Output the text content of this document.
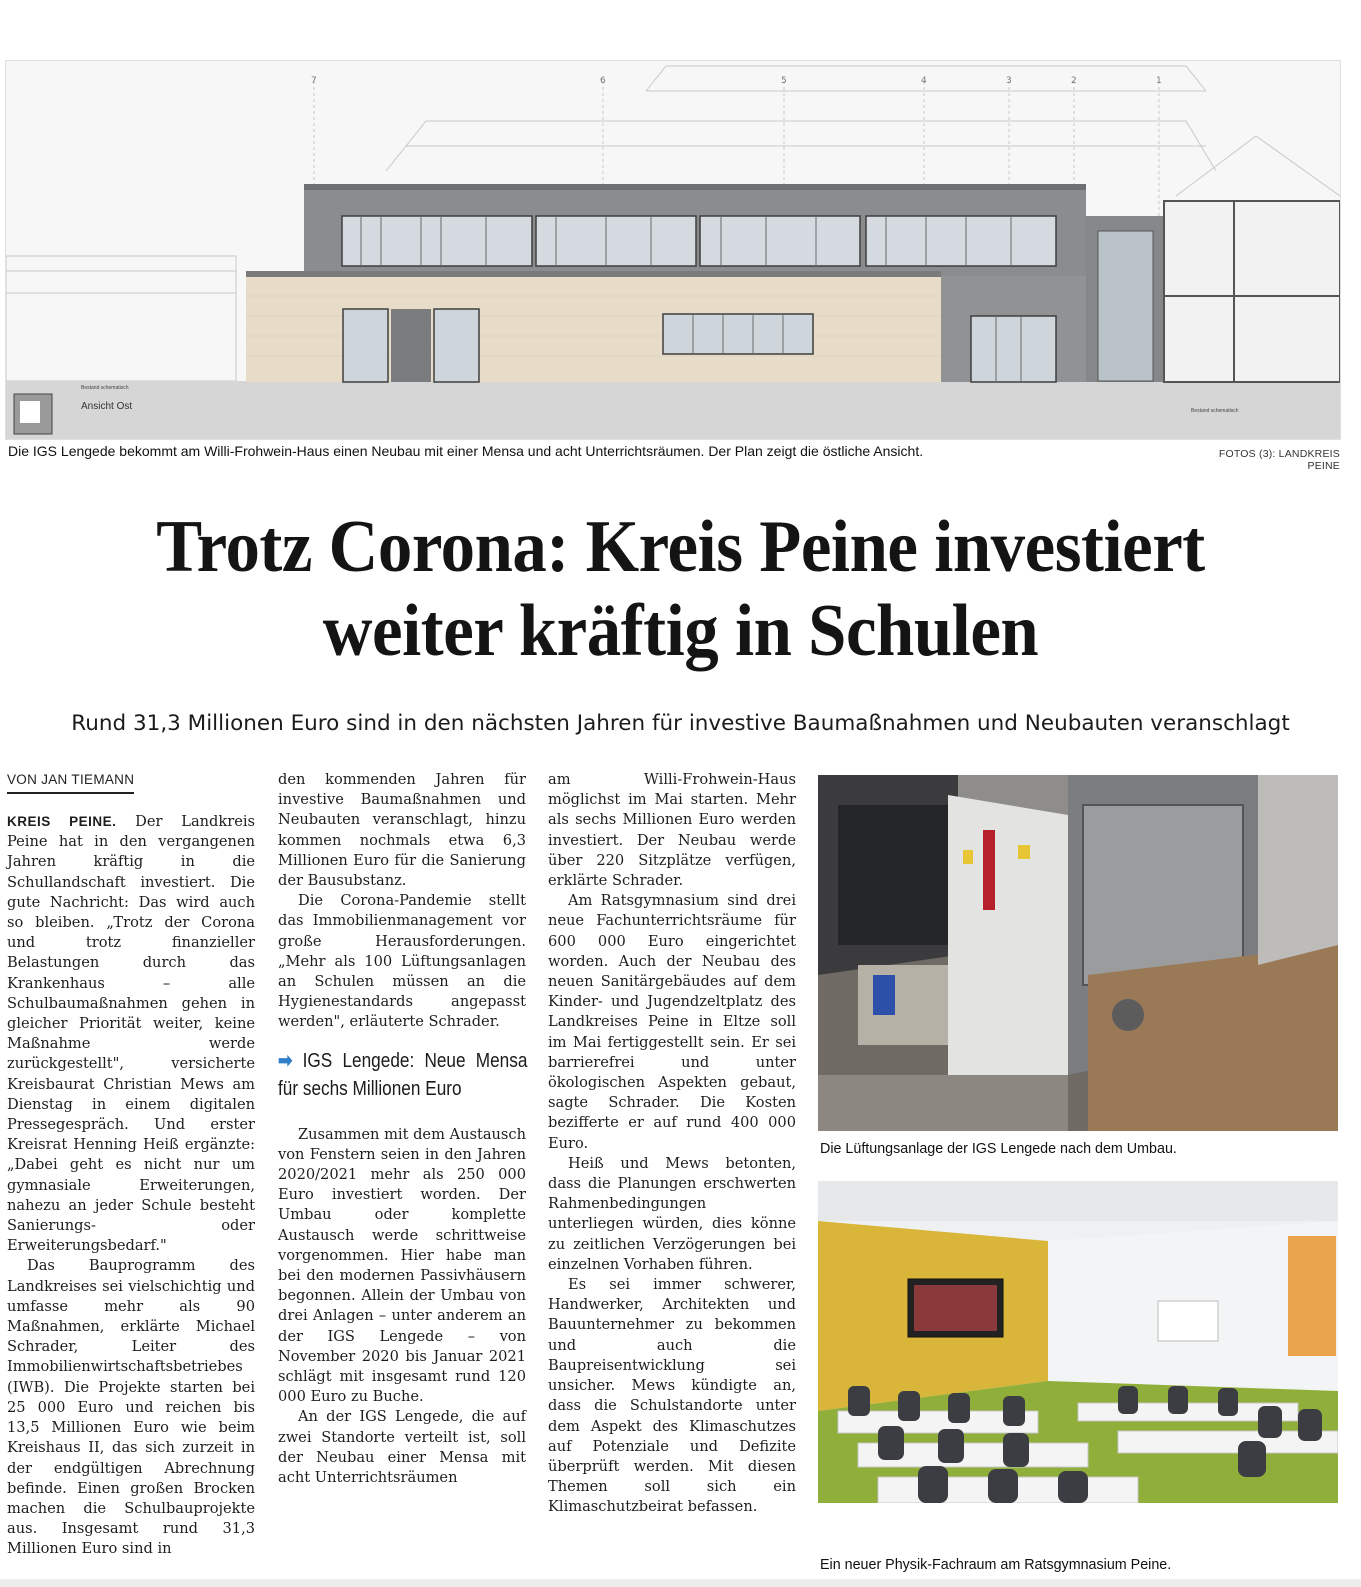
7	6	5	4	3	2	1
Ansicht Ost
Bestand schematisch
Bestand schematisch
Die IGS Lengede bekommt am Willi-Frohwein-Haus einen Neubau mit einer Mensa und acht Unterrichtsräumen. Der Plan zeigt die östliche Ansicht.	FOTOS (3): LANDKREIS PEINE
Trotz Corona: Kreis Peine investiert
weiter kräftig in Schulen
Rund 31,3 Millionen Euro sind in den nächsten Jahren für investive Baumaßnahmen und Neubauten veranschlagt
VON JAN TIEMANN

KREIS PEINE. Der Landkreis Peine hat in den vergangenen Jahren kräftig in die Schullandschaft investiert. Die gute Nachricht: Das wird auch so bleiben. „Trotz der Corona und trotz finanzieller Belastungen durch das Krankenhaus – alle Schulbaumaßnahmen gehen in gleicher Priorität weiter, keine Maßnahme werde zurückgestellt", versicherte Kreisbaurat Christian Mews am Dienstag in einem digitalen Pressegespräch. Und erster Kreisrat Henning Heiß ergänzte: „Dabei geht es nicht nur um gymnasiale Erweiterungen, nahezu an jeder Schule besteht Sanierungs- oder Erweiterungsbedarf."

Das Bauprogramm des Landkreises sei vielschichtig und umfasse mehr als 90 Maßnahmen, erklärte Michael Schrader, Leiter des Immobilienwirtschaftsbetriebes (IWB). Die Projekte starten bei 25 000 Euro und reichen bis 13,5 Millionen Euro wie beim Kreishaus II, das sich zurzeit in der endgültigen Abrechnung befinde. Einen großen Brocken machen die Schulbauprojekte aus. Insgesamt rund 31,3 Millionen Euro sind in

den kommenden Jahren für investive Baumaßnahmen und Neubauten veranschlagt, hinzu kommen nochmals etwa 6,3 Millionen Euro für die Sanierung der Bausubstanz.

Die Corona-Pandemie stellt das Immobilienmanagement vor große Herausforderungen. „Mehr als 100 Lüftungsanlagen an Schulen müssen an die Hygienestandards angepasst werden", erläuterte Schrader.

➡ IGS Lengede: Neue Mensa für sechs Millionen Euro

Zusammen mit dem Austausch von Fenstern seien in den Jahren 2020/2021 mehr als 250 000 Euro investiert worden. Der Umbau oder komplette Austausch werde schrittweise vorgenommen. Hier habe man bei den modernen Passivhäusern begonnen. Allein der Umbau von drei Anlagen – unter anderem an der IGS Lengede – von November 2020 bis Januar 2021 schlägt mit insgesamt rund 120 000 Euro zu Buche.

An der IGS Lengede, die auf zwei Standorte verteilt ist, soll der Neubau einer Mensa mit acht Unterrichtsräumen

am Willi-Frohwein-Haus möglichst im Mai starten. Mehr als sechs Millionen Euro werden investiert. Der Neubau werde über 220 Sitzplätze verfügen, erklärte Schrader.

Am Ratsgymnasium sind drei neue Fachunterrichtsräume für 600 000 Euro eingerichtet worden. Auch der Neubau des neuen Sanitärgebäudes auf dem Kinder- und Jugendzeltplatz des Landkreises Peine in Eltze soll im Mai fertiggestellt sein. Er sei barrierefrei und unter ökologischen Aspekten gebaut, sagte Schrader. Die Kosten bezifferte er auf rund 400 000 Euro.

Heiß und Mews betonten, dass die Planungen erschwerten Rahmenbedingungen unterliegen würden, dies könne zu zeitlichen Verzögerungen bei einzelnen Vorhaben führen.

Es sei immer schwerer, Handwerker, Architekten und Bauunternehmer zu bekommen und auch die Baupreisentwicklung sei unsicher. Mews kündigte an, dass die Schulstandorte unter dem Aspekt des Klimaschutzes auf Potenziale und Defizite überprüft werden. Mit diesen Themen soll sich ein Klimaschutzbeirat befassen.

Die Lüftungsanlage der IGS Lengede nach dem Umbau.
Ein neuer Physik-Fachraum am Ratsgymnasium Peine.
